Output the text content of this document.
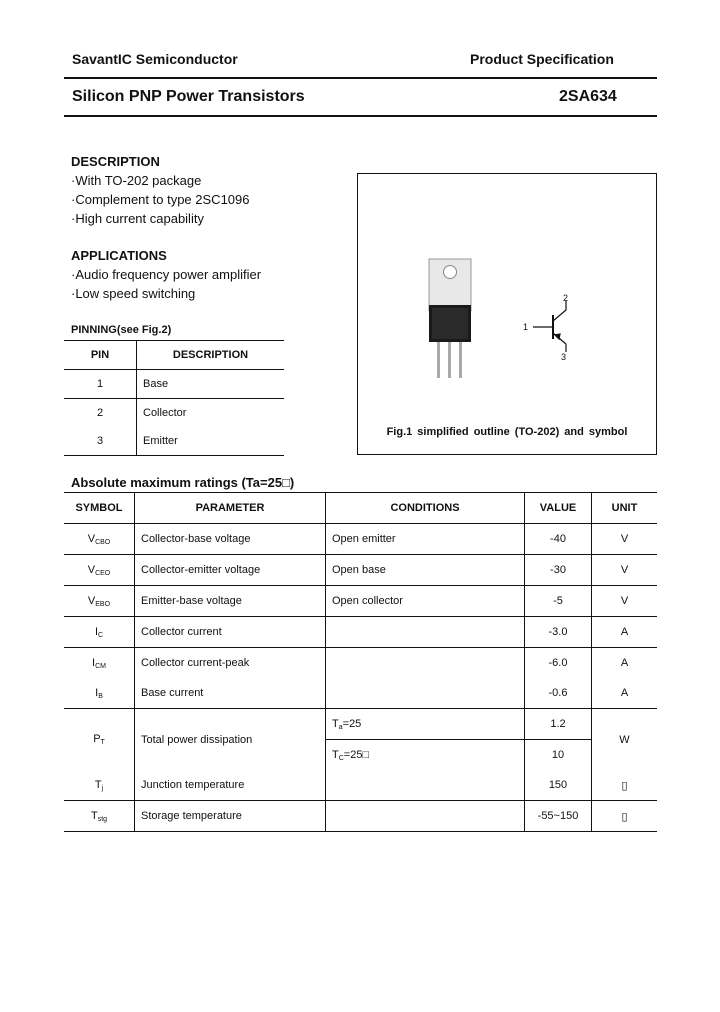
SavantIC Semiconductor	Product Specification
Silicon PNP Power Transistors	2SA634
DESCRIPTION
·With TO-202 package
·Complement to type 2SC1096
·High current capability
APPLICATIONS
·Audio frequency power amplifier
·Low speed switching
PINNING(see Fig.2)
PIN	DESCRIPTION
1	Base
2	Collector
3	Emitter
1
2
3
Fig.1 simplified outline (TO-202) and symbol
Absolute maximum ratings (Ta=25□)
SYMBOL	PARAMETER	CONDITIONS	VALUE	UNIT
$V_{CBO}$	Collector-base voltage	Open emitter	-40	V
$V_{CEO}$	Collector-emitter voltage	Open base	-30	V
$V_{EBO}$	Emitter-base voltage	Open collector	-5	V
$I_C$	Collector current		-3.0	A
$I_{CM}$	Collector current-peak		-6.0	A
$I_B$	Base current		-0.6	A
$P_T$	Total power dissipation	$T_a=25$	1.2	W
		$T_C=25□$	10	
$T_j$	Junction temperature		150	▯
$T_{stg}$	Storage temperature		-55~150	▯
